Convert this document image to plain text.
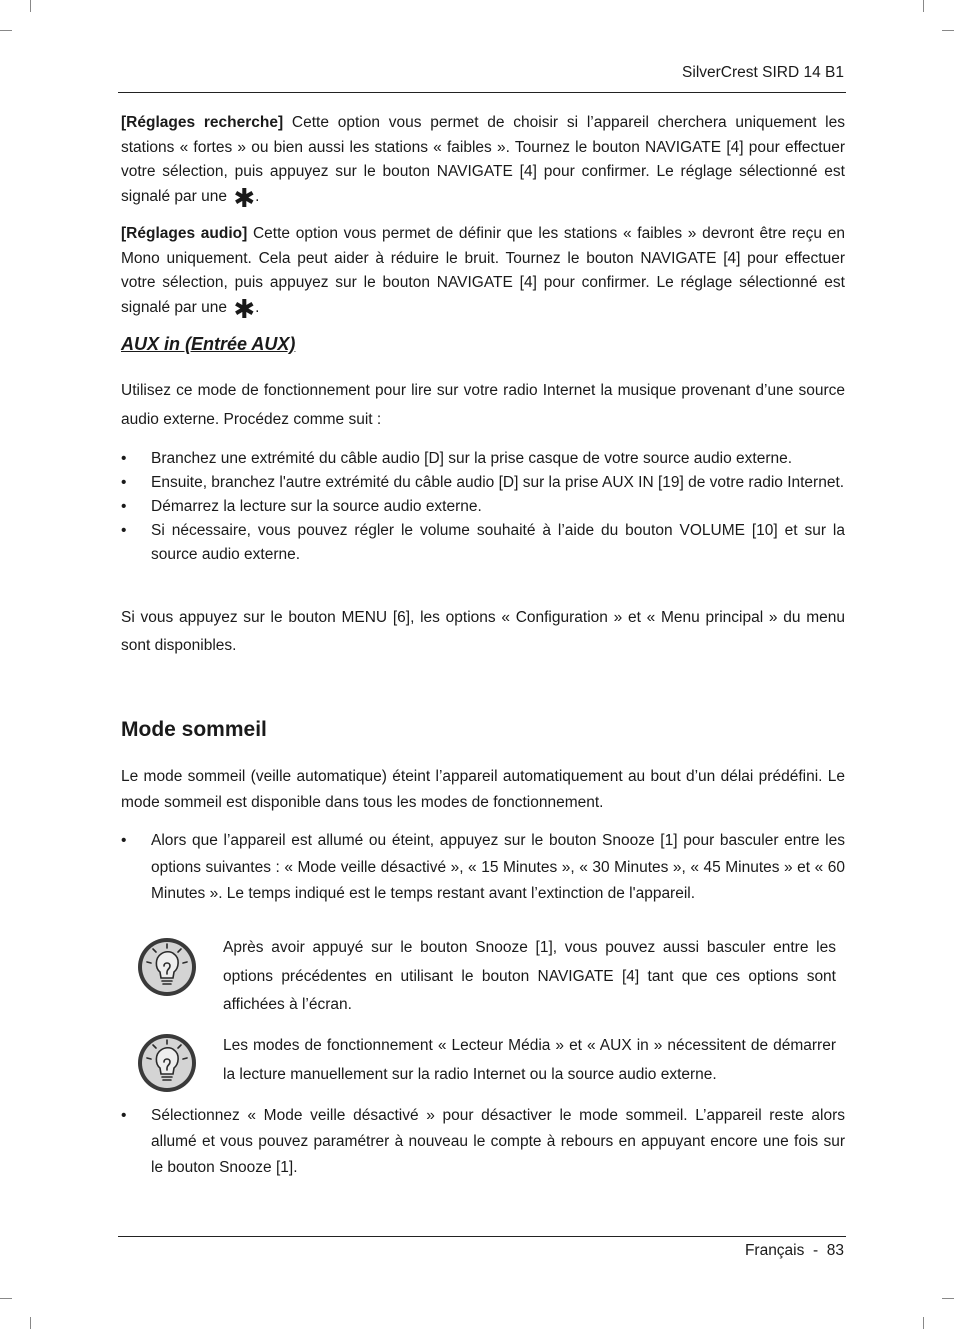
SilverCrest SIRD 14 B1

[Réglages recherche] Cette option vous permet de choisir si l’appareil cherchera uniquement les stations « fortes » ou bien aussi les stations « faibles ». Tournez le bouton NAVIGATE [4] pour effectuer votre sélection, puis appuyez sur le bouton NAVIGATE [4] pour confirmer. Le réglage sélectionné est signalé par une ✱.

[Réglages audio] Cette option vous permet de définir que les stations « faibles » devront être reçu en Mono uniquement. Cela peut aider à réduire le bruit. Tournez le bouton NAVIGATE [4] pour effectuer votre sélection, puis appuyez sur le bouton NAVIGATE [4] pour confirmer. Le réglage sélectionné est signalé par une ✱.

AUX in (Entrée AUX)

Utilisez ce mode de fonctionnement pour lire sur votre radio Internet la musique provenant d’une source audio externe. Procédez comme suit :

• Branchez une extrémité du câble audio [D] sur la prise casque de votre source audio externe.
• Ensuite, branchez l'autre extrémité du câble audio [D] sur la prise AUX IN [19] de votre radio Internet.
• Démarrez la lecture sur la source audio externe.
• Si nécessaire, vous pouvez régler le volume souhaité à l’aide du bouton VOLUME [10] et sur la source audio externe.

Si vous appuyez sur le bouton MENU [6], les options « Configuration » et « Menu principal » du menu sont disponibles.

Mode sommeil

Le mode sommeil (veille automatique) éteint l’appareil automatiquement au bout d’un délai prédéfini. Le mode sommeil est disponible dans tous les modes de fonctionnement.

• Alors que l’appareil est allumé ou éteint, appuyez sur le bouton Snooze [1] pour basculer entre les options suivantes : « Mode veille désactivé », « 15 Minutes », « 30 Minutes », « 45 Minutes » et « 60 Minutes ». Le temps indiqué est le temps restant avant l’extinction de l'appareil.
Après avoir appuyé sur le bouton Snooze [1], vous pouvez aussi basculer entre les options précédentes en utilisant le bouton NAVIGATE [4] tant que ces options sont affichées à l’écran.
Les modes de fonctionnement « Lecteur Média » et « AUX in » nécessitent de démarrer la lecture manuellement sur la radio Internet ou la source audio externe.
• Sélectionnez « Mode veille désactivé » pour désactiver le mode sommeil. L’appareil reste alors allumé et vous pouvez paramétrer à nouveau le compte à rebours en appuyant encore une fois sur le bouton Snooze [1].
Français  -  83
